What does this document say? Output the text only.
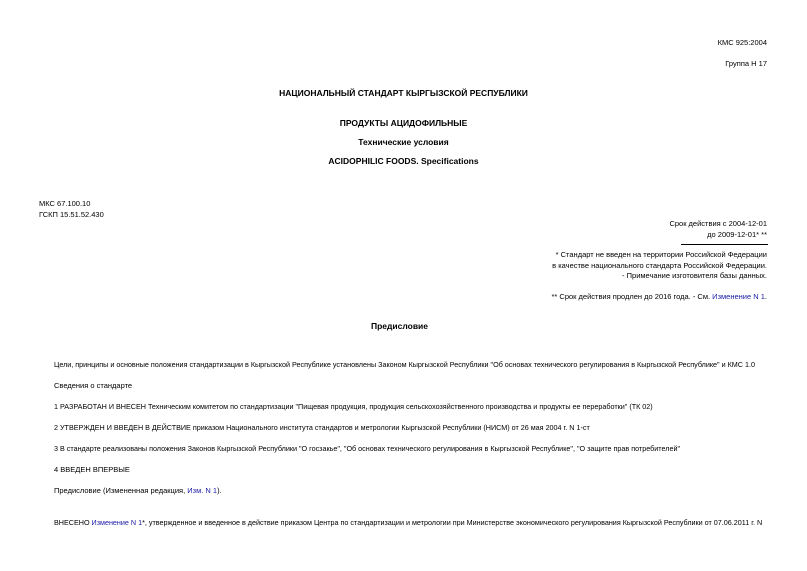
КМС 925:2004
Группа Н 17
НАЦИОНАЛЬНЫЙ СТАНДАРТ КЫРГЫЗСКОЙ РЕСПУБЛИКИ
ПРОДУКТЫ АЦИДОФИЛЬНЫЕ
Технические условия
ACIDOPHILIC FOODS. Specifications
МКС 67.100.10
ГСКП 15.51.52.430
Срок действия с 2004-12-01
до 2009-12-01* **
* Стандарт не введен на территории Российской Федерации
в качестве национального стандарта Российской Федерации.
- Примечание изготовителя базы данных.
** Срок действия продлен до 2016 года. - См. Изменение N 1.
Предисловие
Цели, принципы и основные положения стандартизации в Кыргызской Республике установлены Законом Кыргызской Республики "Об основах технического регулирования в Кыргызской Республике" и КМС 1.0
Сведения о стандарте
1 РАЗРАБОТАН И ВНЕСЕН Техническим комитетом по стандартизации "Пищевая продукция, продукция сельскохозяйственного производства и продукты ее переработки" (ТК 02)
2 УТВЕРЖДЕН И ВВЕДЕН В ДЕЙСТВИЕ приказом Национального института стандартов и метрологии Кыргызской Республики (НИСМ) от 26 мая 2004 г. N 1-ст
3 В стандарте реализованы положения Законов Кыргызской Республики "О госзакье", "Об основах технического регулирования в Кыргызской Республике", "О защите прав потребителей"
4 ВВЕДЕН ВПЕРВЫЕ
Предисловие (Измененная редакция, Изм. N 1).
ВНЕСЕНО Изменение N 1*, утвержденное и введенное в действие приказом Центра по стандартизации и метрологии при Министерстве экономического регулирования Кыргызской Республики от 07.06.2011 г. N
